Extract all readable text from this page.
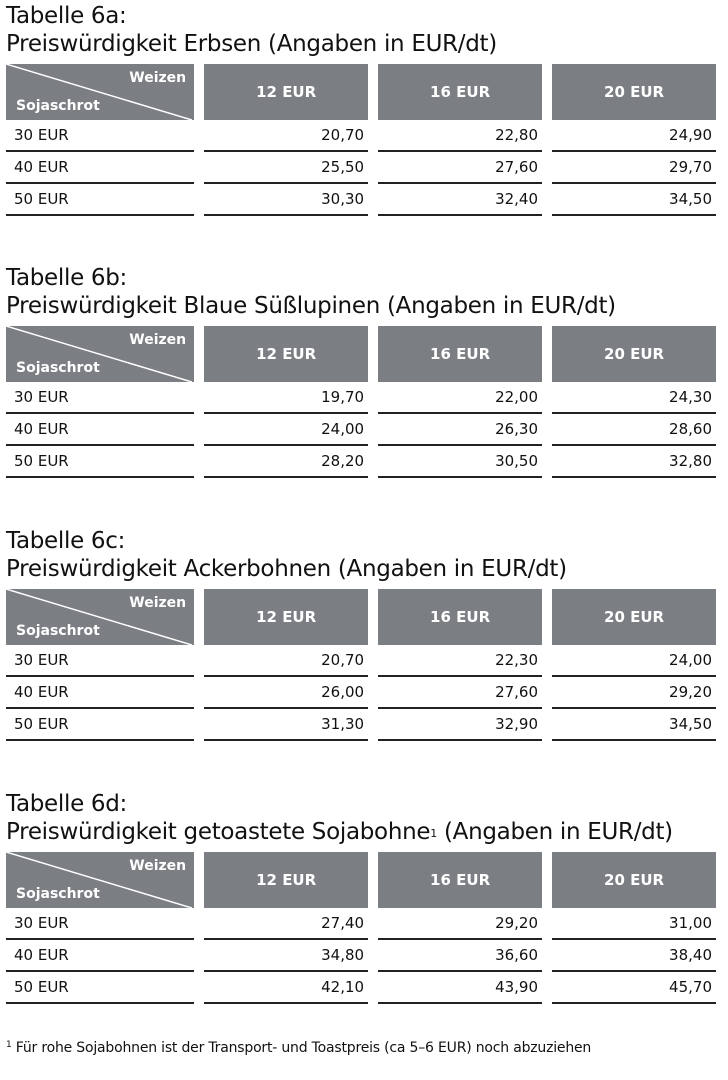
Tabelle 6a:
Preiswürdigkeit Erbsen (Angaben in EUR/dt)
Weizen
Sojaschrot		12 EUR		16 EUR		20 EUR
30 EUR		20,70		22,80		24,90
40 EUR		25,50		27,60		29,70
50 EUR		30,30		32,40		34,50
Tabelle 6b:
Preiswürdigkeit Blaue Süßlupinen (Angaben in EUR/dt)
Weizen
Sojaschrot		12 EUR		16 EUR		20 EUR
30 EUR		19,70		22,00		24,30
40 EUR		24,00		26,30		28,60
50 EUR		28,20		30,50		32,80
Tabelle 6c:
Preiswürdigkeit Ackerbohnen (Angaben in EUR/dt)
Weizen
Sojaschrot		12 EUR		16 EUR		20 EUR
30 EUR		20,70		22,30		24,00
40 EUR		26,00		27,60		29,20
50 EUR		31,30		32,90		34,50
Tabelle 6d:
Preiswürdigkeit getoastete Sojabohne$^1$ (Angaben in EUR/dt)
Weizen
Sojaschrot		12 EUR		16 EUR		20 EUR
30 EUR		27,40		29,20		31,00
40 EUR		34,80		36,60		38,40
50 EUR		42,10		43,90		45,70
$^1$ Für rohe Sojabohnen ist der Transport- und Toastpreis (ca 5–6 EUR) noch abzuziehen
